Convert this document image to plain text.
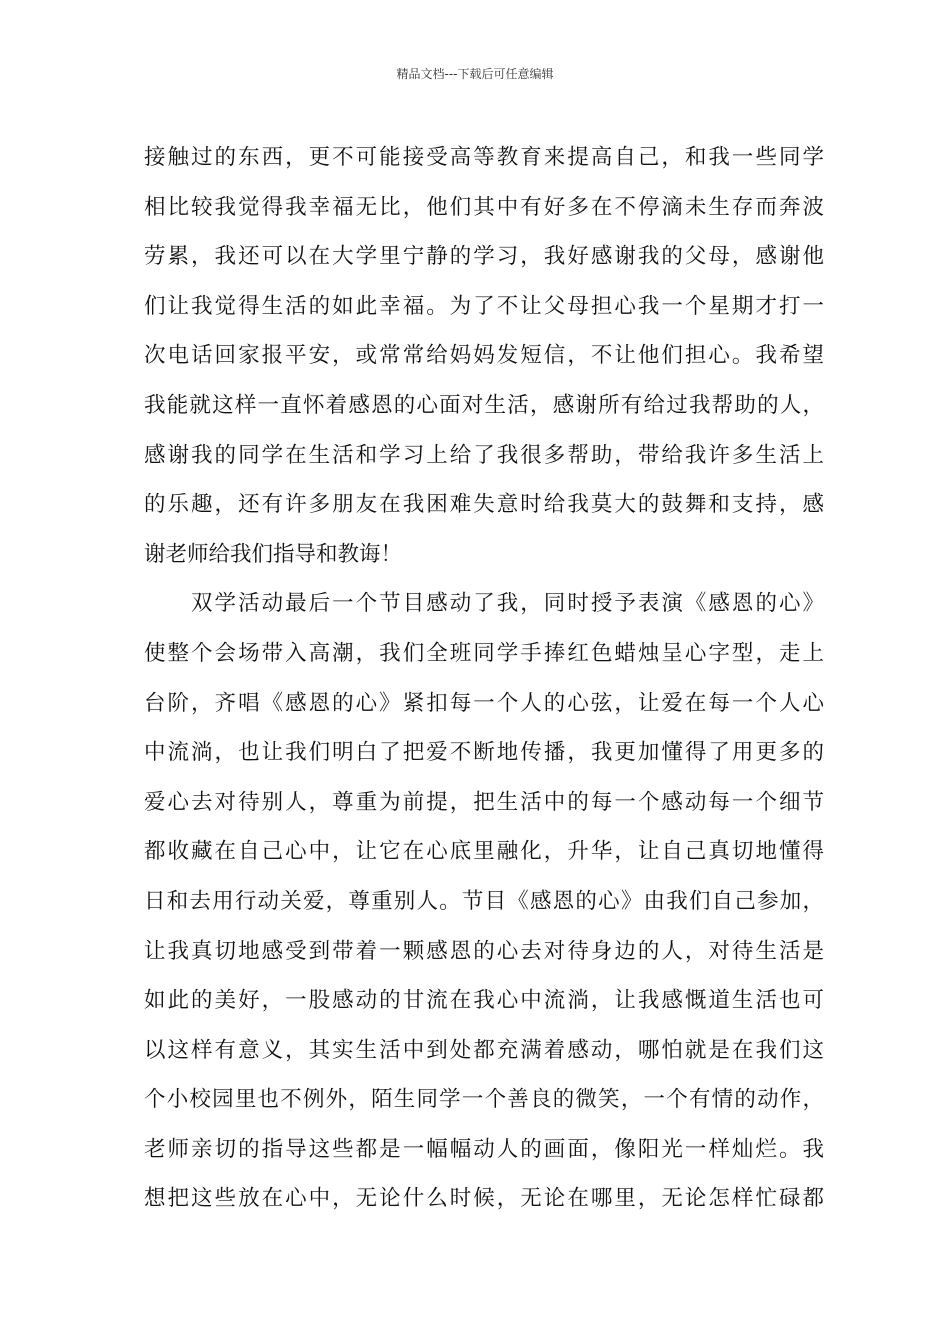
精品文档---下载后可任意编辑
接触过的东西，更不可能接受高等教育来提高自己，和我一些同学
相比较我觉得我幸福无比，他们其中有好多在不停滴未生存而奔波
劳累，我还可以在大学里宁静的学习，我好感谢我的父母，感谢他
们让我觉得生活的如此幸福。为了不让父母担心我一个星期才打一
次电话回家报平安，或常常给妈妈发短信，不让他们担心。我希望
我能就这样一直怀着感恩的心面对生活，感谢所有给过我帮助的人，
感谢我的同学在生活和学习上给了我很多帮助，带给我许多生活上
的乐趣，还有许多朋友在我困难失意时给我莫大的鼓舞和支持，感
谢老师给我们指导和教诲！
　　双学活动最后一个节目感动了我，同时授予表演《感恩的心》
使整个会场带入高潮，我们全班同学手捧红色蜡烛呈心字型，走上
台阶，齐唱《感恩的心》紧扣每一个人的心弦，让爱在每一个人心
中流淌，也让我们明白了把爱不断地传播，我更加懂得了用更多的
爱心去对待别人，尊重为前提，把生活中的每一个感动每一个细节
都收藏在自己心中，让它在心底里融化，升华，让自己真切地懂得
日和去用行动关爱，尊重别人。节目《感恩的心》由我们自己参加，
让我真切地感受到带着一颗感恩的心去对待身边的人，对待生活是
如此的美好，一股感动的甘流在我心中流淌，让我感慨道生活也可
以这样有意义，其实生活中到处都充满着感动，哪怕就是在我们这
个小校园里也不例外，陌生同学一个善良的微笑，一个有情的动作，
老师亲切的指导这些都是一幅幅动人的画面，像阳光一样灿烂。我
想把这些放在心中，无论什么时候，无论在哪里，无论怎样忙碌都
